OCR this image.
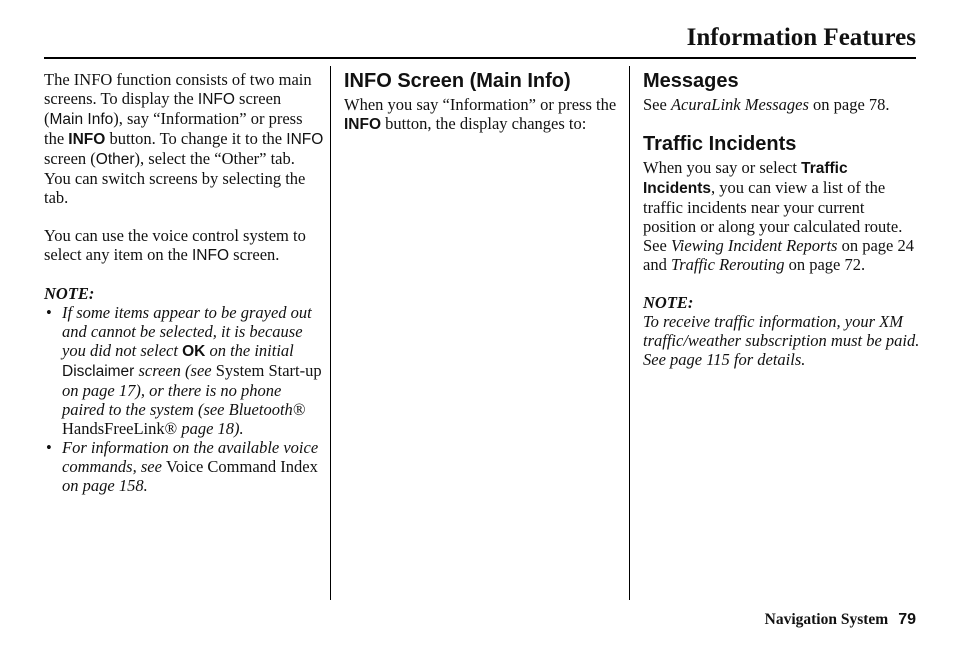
Information Features

The INFO function consists of two main screens. To display the INFO screen (Main Info), say “Information” or press the INFO button. To change it to the INFO screen (Other), select the “Other” tab. You can switch screens by selecting the tab.

You can use the voice control system to select any item on the INFO screen.

NOTE:
• If some items appear to be grayed out and cannot be selected, it is because you did not select OK on the initial Disclaimer screen (see System Start-up on page 17), or there is no phone paired to the system (see Bluetooth® HandsFreeLink® page 18).
• For information on the available voice commands, see Voice Command Index on page 158.
INFO Screen (Main Info)

When you say “Information” or press the INFO button, the display changes to:

Messages

See AcuraLink Messages on page 78.

Traffic Incidents

When you say or select Traffic Incidents, you can view a list of the traffic incidents near your current position or along your calculated route. See Viewing Incident Reports on page 24 and Traffic Rerouting on page 72.

NOTE:

To receive traffic information, your XM traffic/weather subscription must be paid. See page 115 for details.

Navigation System 79
